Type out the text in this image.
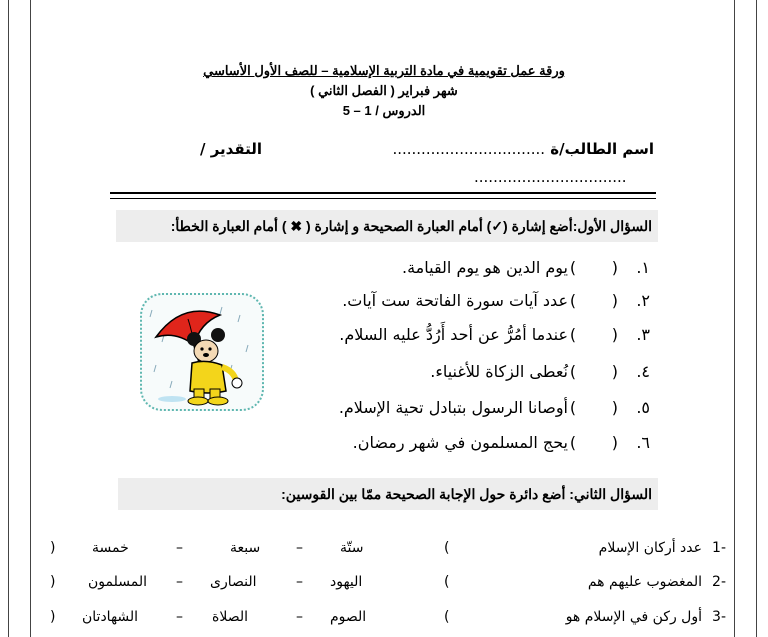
ورقة عمل تقويمية في مادة التربية الإسلامية – للصف الأول الأساسي
شهر فبراير ( الفصل الثاني )
الدروس / 1 – 5
اسم الطالب/ة ................................
التقدير /
................................
السؤال الأول:أضع إشارة (✓) أمام العبارة الصحيحة و إشارة ( ✖ ) أمام العبارة الخطأ:
١.(       )يوم الدين هو يوم القيامة.
٢.(       )عدد آيات سورة الفاتحة ست آيات.
٣.(       )عندما أمُرُّ عن أحد أَرُدُّ عليه السلام.
٤.(       )نُعطى الزكاة للأغنياء.
٥.(       )أوصانا الرسول بتبادل تحية الإسلام.
٦.(       )يحج المسلمون في شهر رمضان.
السؤال الثاني: أضع دائرة حول الإجابة الصحيحة ممّا بين القوسين:
1-
عدد أركان الإسلام
(
ستّة
–
سبعة
–
خمسة
)
2-
المغضوب عليهم هم
(
اليهود
–
النصارى
–
المسلمون
)
3-
أول ركن في الإسلام هو
(
الصوم
–
الصلاة
–
الشهادتان
)
